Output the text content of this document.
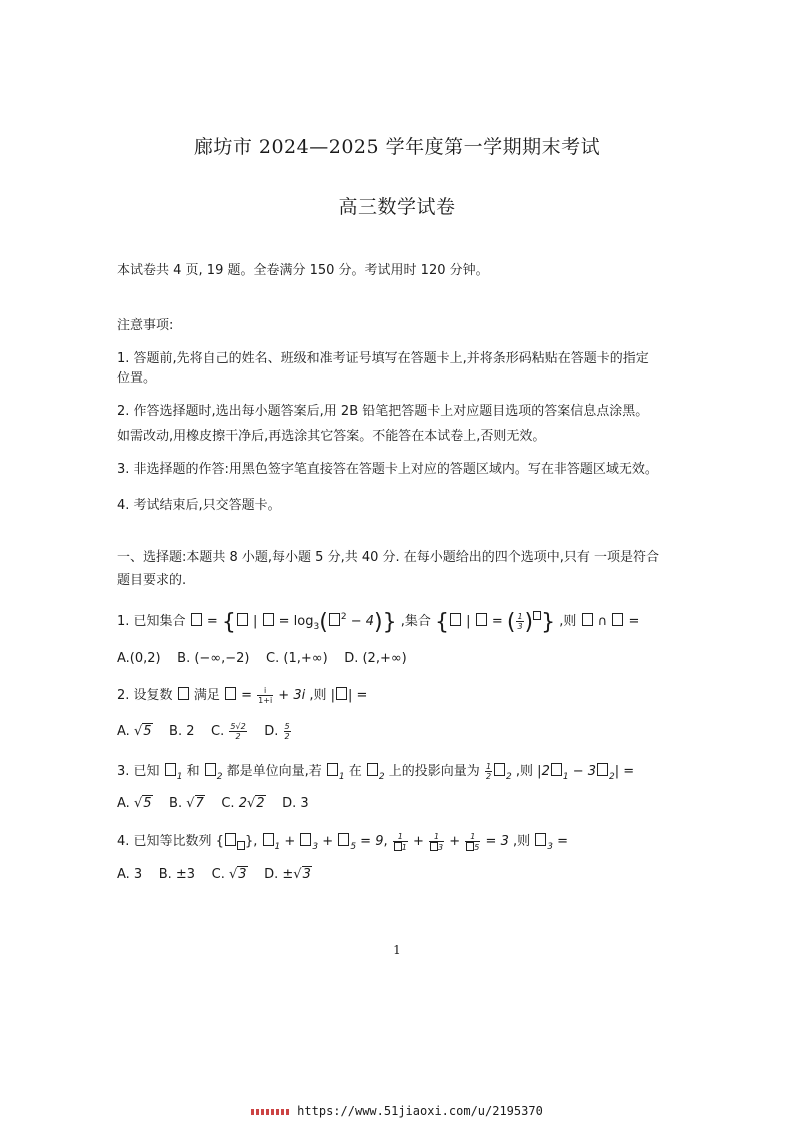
廊坊市 2024—2025 学年度第一学期期末考试
高三数学试卷
本试卷共 4 页, 19 题。全卷满分 150 分。考试用时 120 分钟。
注意事项:
1. 答题前,先将自己的姓名、班级和准考证号填写在答题卡上,并将条形码粘贴在答题卡的指定
位置。
2. 作答选择题时,选出每小题答案后,用 2B 铅笔把答题卡上对应题目选项的答案信息点涂黑。
如需改动,用橡皮擦干净后,再选涂其它答案。不能答在本试卷上,否则无效。
3. 非选择题的作答:用黑色签字笔直接答在答题卡上对应的答题区域内。写在非答题区域无效。
4. 考试结束后,只交答题卡。
一、选择题:本题共 8 小题,每小题 5 分,共 40 分. 在每小题给出的四个选项中,只有 一项是符合
题目要求的.
1. 已知集合  = { |  = $\log_3$( $^2$ − 4)} ,集合 { |  = ( $\frac{1}{3}$ ) } ,则  ∩  =
A.(0,2) B. (−∞,−2) C. (1,+∞) D. (2,+∞)
2. 设复数 满足  = $\frac{i}{1+i} + 3i$ ,则 | | =
A. √5 B. 2 C. $\frac{5√2}{2} D$. $\frac{5}{2}$
3. 已知 $_1$ 和 $_2$ 都是单位向量,若 $_1$ 在 $_2$ 上的投影向量为 $\frac{1}{2} _2$ ,则 |2 $_1$ − 3 $_2$| =
A. √5 B. √7 C. 2√2 D. 3
4. 已知等比数列 { }, $_1$ + $_3$ + $_5$ = 9, $\frac{1}{1} + \frac{1}{3} + \frac{1}{5} = 3$ ,则 $_3$ =
A. 3 B. ±3 C. √3 D. ±√3
1
https://www.51jiaoxi.com/u/2195370
